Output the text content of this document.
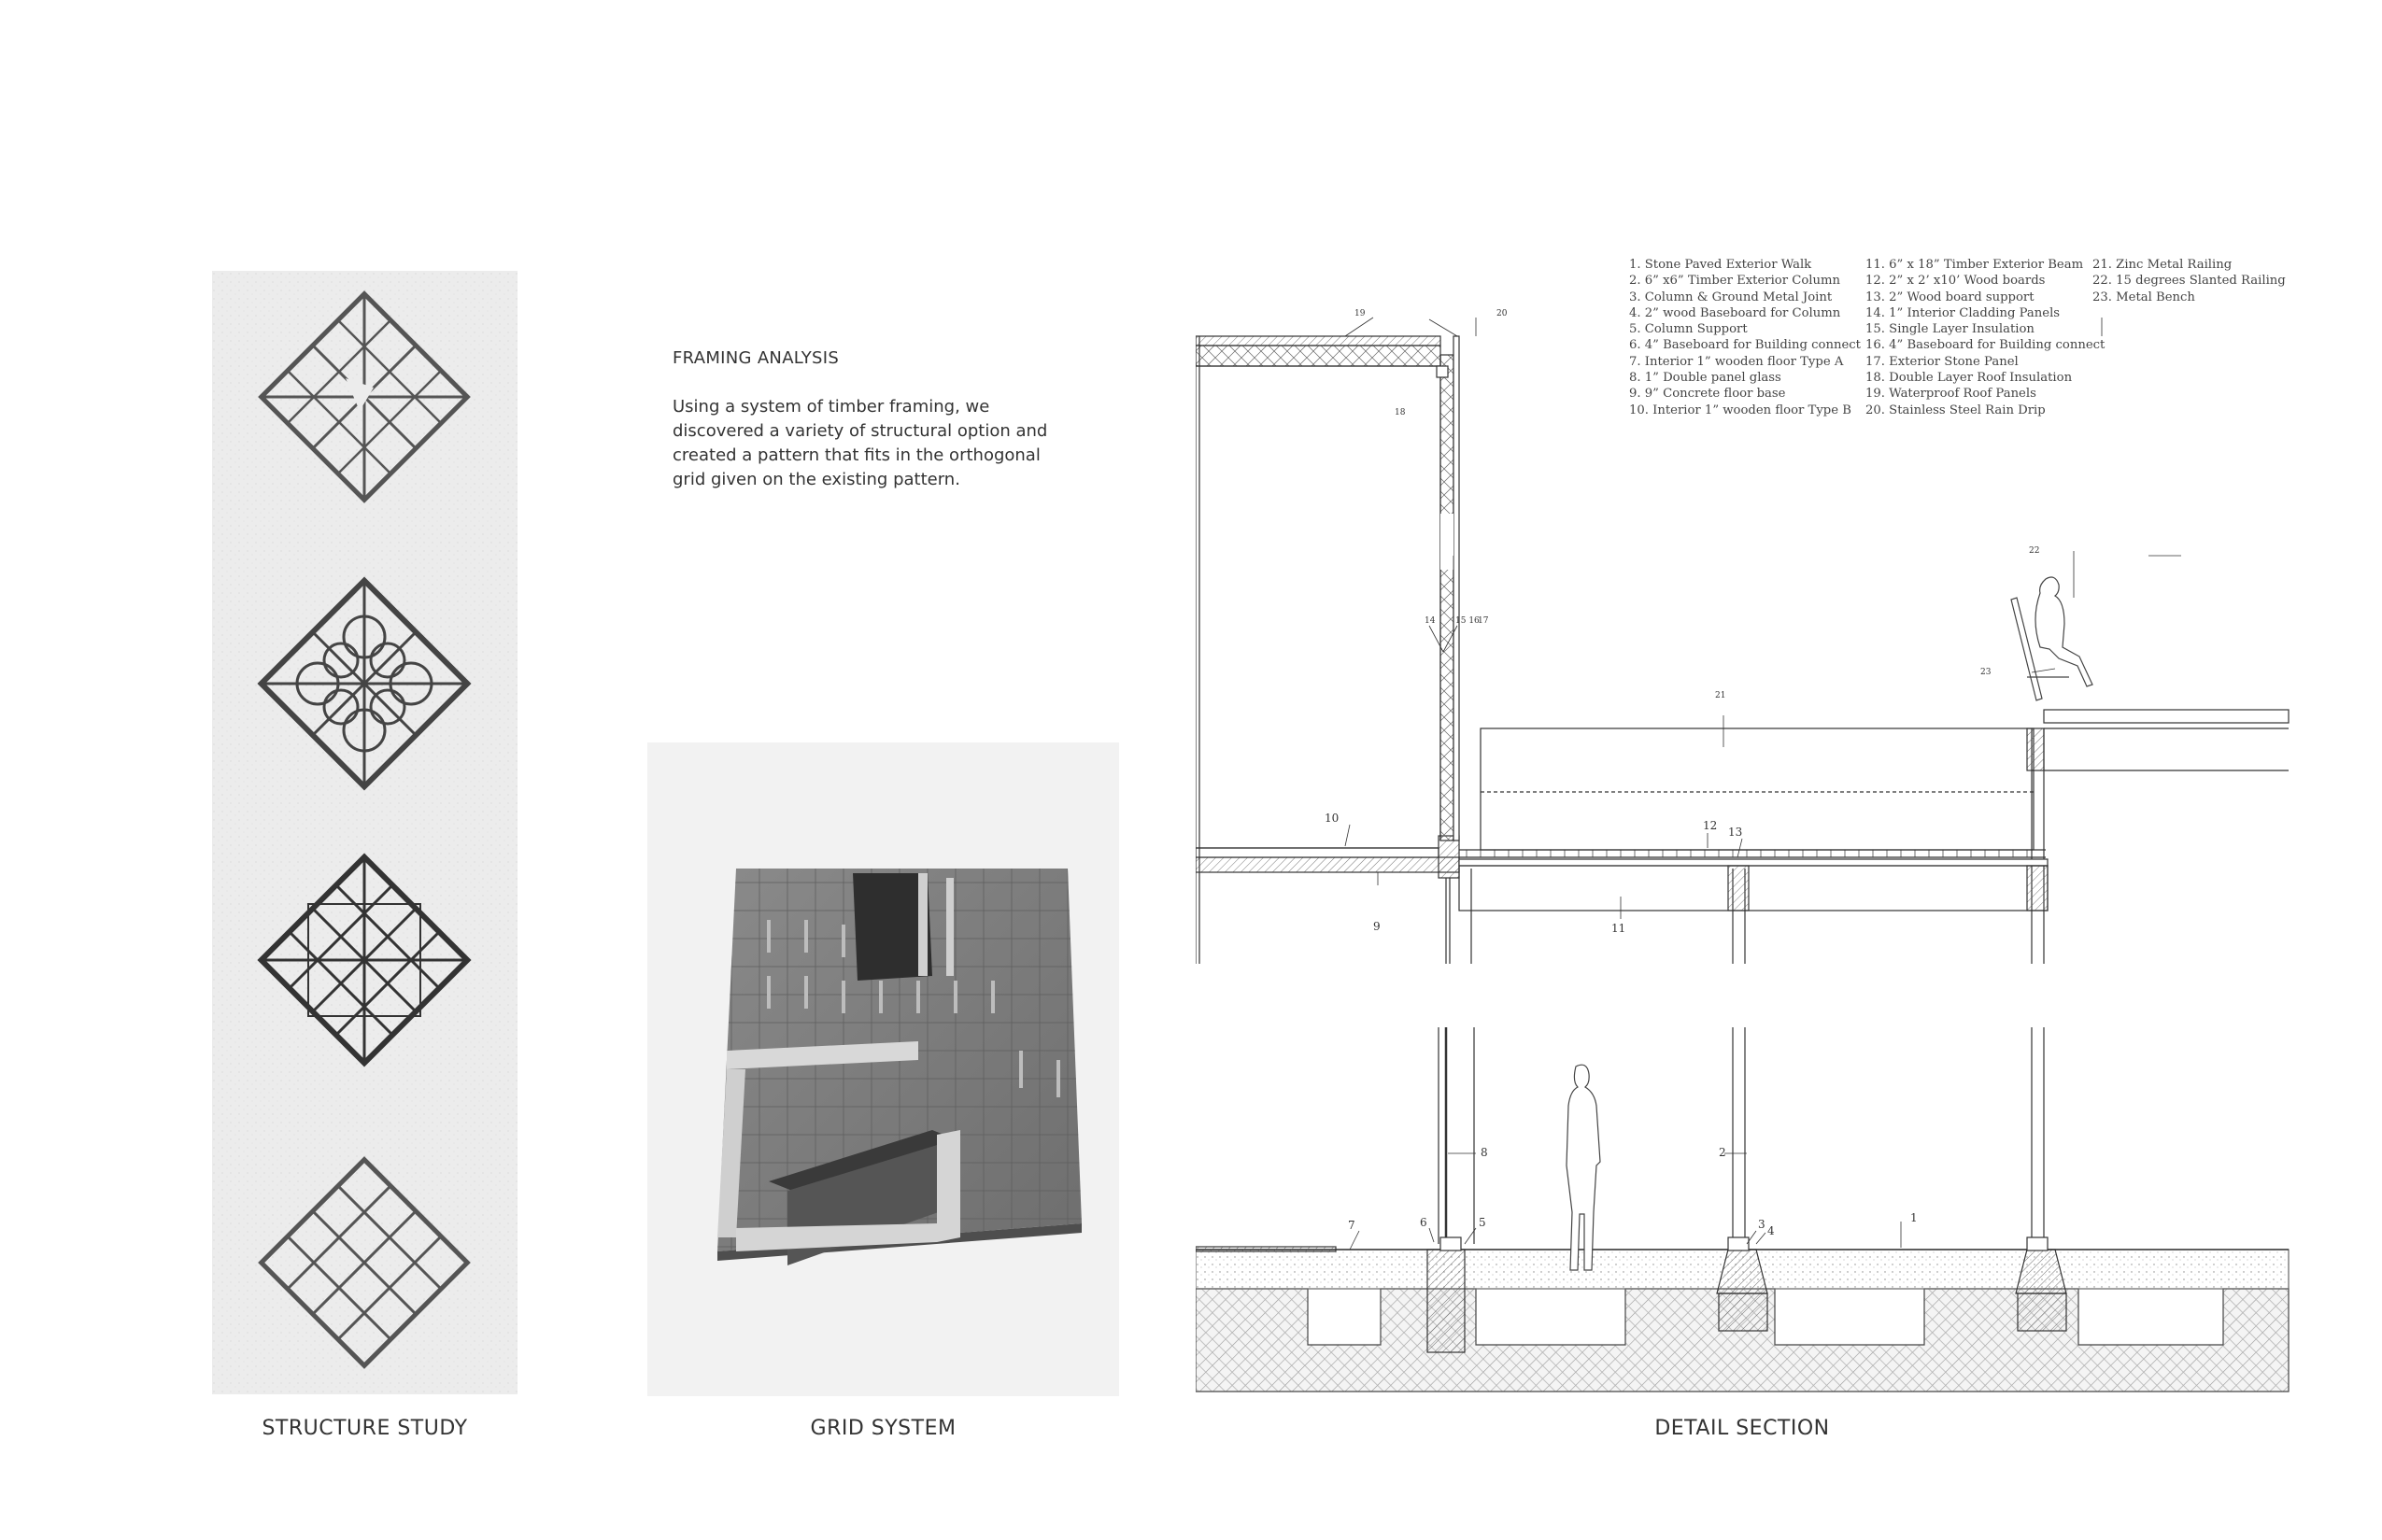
STRUCTURE STUDY
FRAMING ANALYSIS
Using a system of timber framing, we discovered a variety of structural option and created a pattern that fits in the orthogonal grid given on the existing pattern.
GRID SYSTEM
1. Stone Paved Exterior Walk
2. 6” x6” Timber Exterior Column
3. Column & Ground Metal Joint
4. 2” wood Baseboard for Column
5. Column Support
6. 4” Baseboard for Building connect
7. Interior 1” wooden floor Type A
8. 1” Double panel glass
9. 9” Concrete floor base
10. Interior 1” wooden floor Type B
11. 6” x 18” Timber Exterior Beam
12. 2” x 2’ x10’ Wood boards
13. 2” Wood board support
14. 1” Interior Cladding Panels
15. Single Layer Insulation
16. 4” Baseboard for Building connect
17. Exterior Stone Panel
18. Double Layer Roof Insulation
19. Waterproof Roof Panels
20. Stainless Steel Rain Drip
21. Zinc Metal Railing
22. 15 degrees Slanted Railing
23. Metal Bench
1
2
3 4
5
6
7
8
9
10
11
12 13
14 15 16
17
18
19	20
21
22
23
DETAIL SECTION
